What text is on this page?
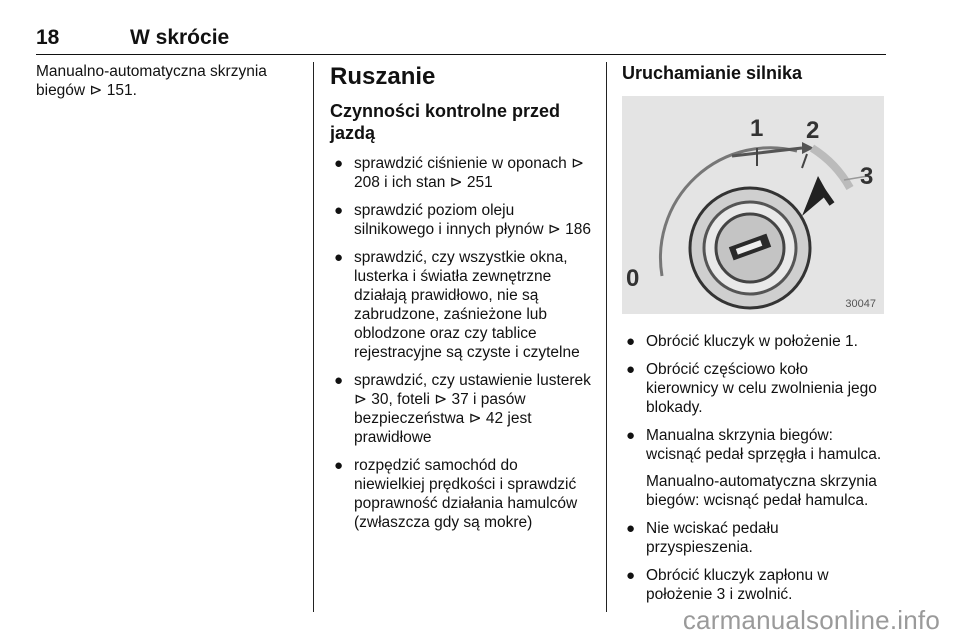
18	W skrócie
Manualno-automatyczna skrzynia biegów ⊳ 151.
Ruszanie
Czynności kontrolne przed jazdą
● sprawdzić ciśnienie w oponach ⊳ 208 i ich stan ⊳ 251
● sprawdzić poziom oleju silnikowego i innych płynów ⊳ 186
● sprawdzić, czy wszystkie okna, lusterka i światła zewnętrzne działają prawidłowo, nie są zabrudzone, zaśnieżone lub oblodzone oraz czy tablice rejestracyjne są czyste i czytelne
● sprawdzić, czy ustawienie lusterek ⊳ 30, foteli ⊳ 37 i pasów bezpieczeństwa ⊳ 42 jest prawidłowe
● rozpędzić samochód do niewielkiej prędkości i sprawdzić poprawność działania hamulców (zwłaszcza gdy są mokre)
Uruchamianie silnika
0
1 2
3
30047
● Obrócić kluczyk w położenie 1.
● Obrócić częściowo koło kierownicy w celu zwolnienia jego blokady.
● Manualna skrzynia biegów: wcisnąć pedał sprzęgła i hamulca.
Manualno-automatyczna skrzynia biegów: wcisnąć pedał hamulca.
● Nie wciskać pedału przyspieszenia.
● Obrócić kluczyk zapłonu w położenie 3 i zwolnić.
carmanualsonline.info
